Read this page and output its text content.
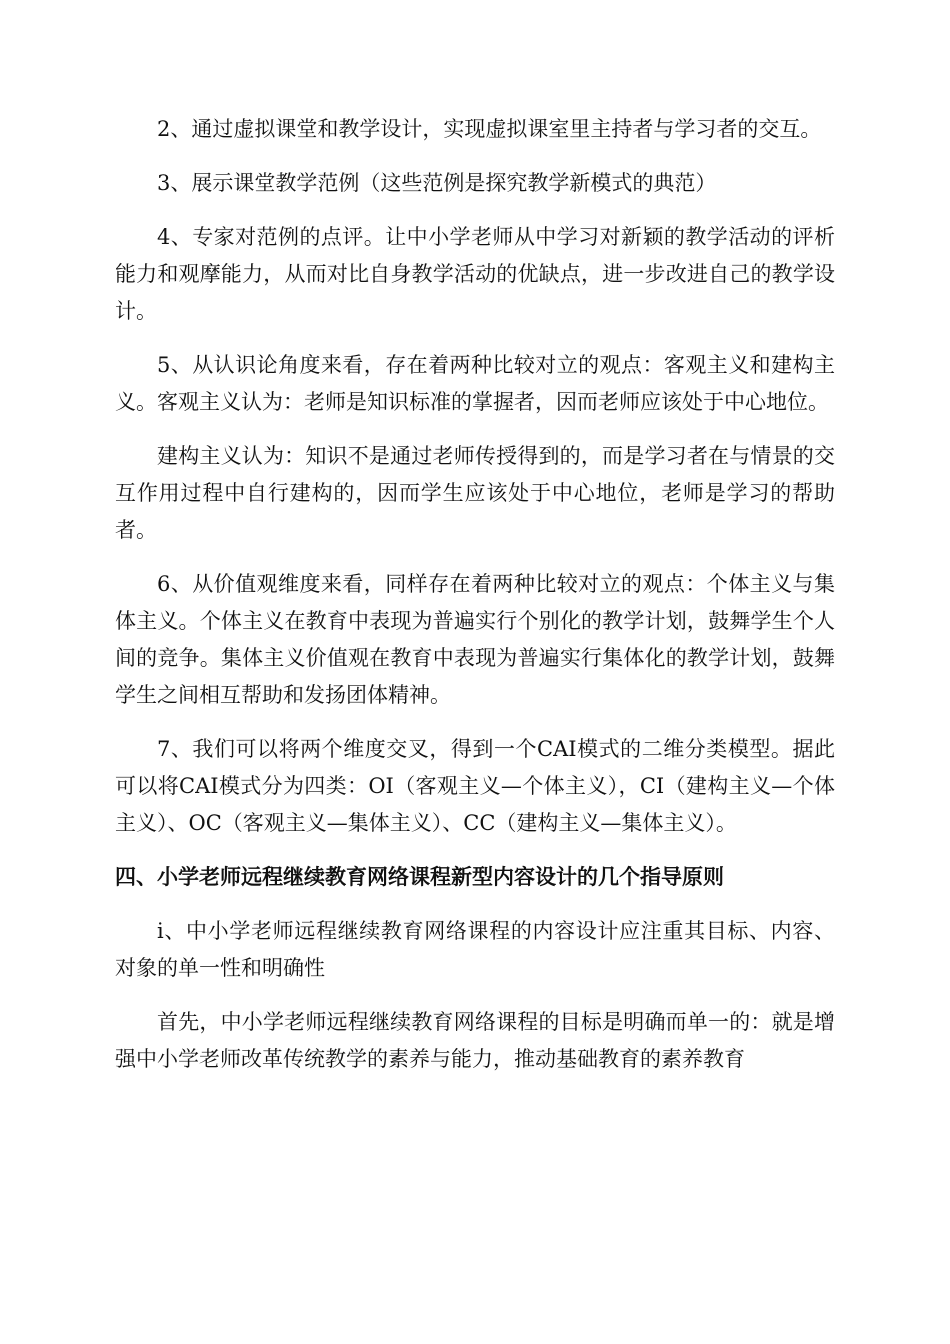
2、通过虚拟课堂和教学设计，实现虚拟课室里主持者与学习者的交互。

3、展示课堂教学范例（这些范例是探究教学新模式的典范）

4、专家对范例的点评。让中小学老师从中学习对新颖的教学活动的评析能力和观摩能力，从而对比自身教学活动的优缺点，进一步改进自己的教学设计。

5、从认识论角度来看，存在着两种比较对立的观点：客观主义和建构主义。客观主义认为：老师是知识标准的掌握者，因而老师应该处于中心地位。

建构主义认为：知识不是通过老师传授得到的，而是学习者在与情景的交互作用过程中自行建构的，因而学生应该处于中心地位，老师是学习的帮助者。

6、从价值观维度来看，同样存在着两种比较对立的观点：个体主义与集体主义。个体主义在教育中表现为普遍实行个别化的教学计划，鼓舞学生个人间的竞争。集体主义价值观在教育中表现为普遍实行集体化的教学计划，鼓舞学生之间相互帮助和发扬团体精神。

7、我们可以将两个维度交叉，得到一个CAI模式的二维分类模型。据此可以将CAI模式分为四类：OI（客观主义—个体主义），CI（建构主义—个体主义）、OC（客观主义—集体主义）、CC（建构主义—集体主义）。

四、小学老师远程继续教育网络课程新型内容设计的几个指导原则

i、中小学老师远程继续教育网络课程的内容设计应注重其目标、内容、对象的单一性和明确性

首先，中小学老师远程继续教育网络课程的目标是明确而单一的：就是增强中小学老师改革传统教学的素养与能力，推动基础教育的素养教育
